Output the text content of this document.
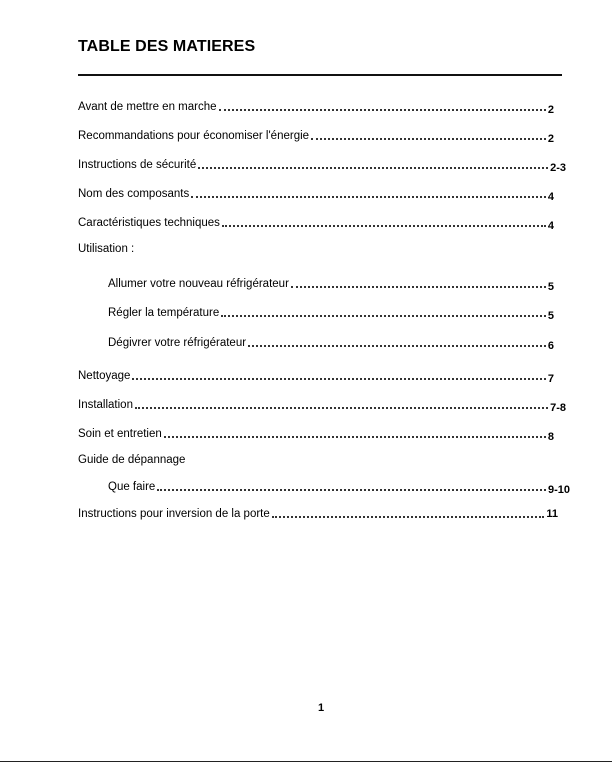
TABLE DES MATIERES
Avant de mettre en marche	2
Recommandations pour économiser l'énergie	2
Instructions de sécurité	2-3
Nom des composants	4
Caractéristiques techniques	4
Utilisation :
Allumer votre nouveau réfrigérateur	5
Régler la température	5
Dégivrer votre réfrigérateur	6
Nettoyage	7
Installation	7-8
Soin et entretien	8
Guide de dépannage
Que faire	9-10
Instructions pour inversion de la porte	11
1
